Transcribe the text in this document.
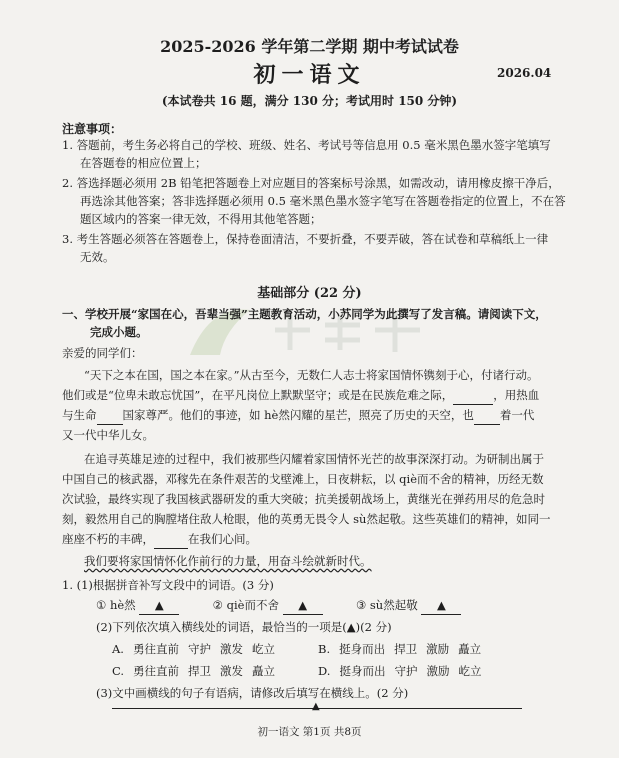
2025-2026 学年第二学期 期中考试试卷
初一语文	2026.04
(本试卷共 16 题，满分 130 分；考试用时 150 分钟)
注意事项：
1. 答题前，考生务必将自己的学校、班级、姓名、考试号等信息用 0.5 毫米黑色墨水签字笔填写
在答题卷的相应位置上；
2. 答选择题必须用 2B 铅笔把答题卷上对应题目的答案标号涂黑，如需改动，请用橡皮擦干净后，
再选涂其他答案；答非选择题必须用 0.5 毫米黑色墨水签字笔写在答题卷指定的位置上，不在答
题区域内的答案一律无效，不得用其他笔答题；
3. 考生答题必须答在答题卷上，保持卷面清洁，不要折叠，不要弄破，答在试卷和草稿纸上一律
无效。
基础部分 (22 分)
一、学校开展“家国在心，吾辈当强”主题教育活动，小苏同学为此撰写了发言稿。请阅读下文，
完成小题。
亲爱的同学们：
“天下之本在国，国之本在家。”从古至今，无数仁人志士将家国情怀镌刻于心，付诸行动。
他们或是“位卑未敢忘忧国”，在平凡岗位上默默坚守；或是在民族危难之际，	，用热血
与生命 国家尊严。他们的事迹，如 hè然闪耀的星芒，照亮了历史的天空，也 着一代
又一代中华儿女。
在追寻英雄足迹的过程中，我们被那些闪耀着家国情怀光芒的故事深深打动。为研制出属于
中国自己的核武器，邓稼先在条件艰苦的戈壁滩上，日夜耕耘，以 qiè而不舍的精神，历经无数
次试验，最终实现了我国核武器研发的重大突破；抗美援朝战场上，黄继光在弹药用尽的危急时
刻，毅然用自己的胸膛堵住敌人枪眼，他的英勇无畏令人 sù然起敬。这些英雄们的精神，如同一
座座不朽的丰碑，	在我们心间。
我们要将家国情怀化作前行的力量，用奋斗绘就新时代。
1. (1)根据拼音补写文段中的词语。(3 分)
① hè然 ▲	② qiè而不舍 ▲	③ sù然起敬 ▲
(2)下列依次填入横线处的词语，最恰当的一项是(▲)(2 分)
A. 勇往直前 守护 激发 屹立	B. 挺身而出 捍卫 激励 矗立
C. 勇往直前 捍卫 激发 矗立	D. 挺身而出 守护 激励 屹立
(3)文中画横线的句子有语病，请修改后填写在横线上。(2 分)
▲
初一语文 第1页 共8页
